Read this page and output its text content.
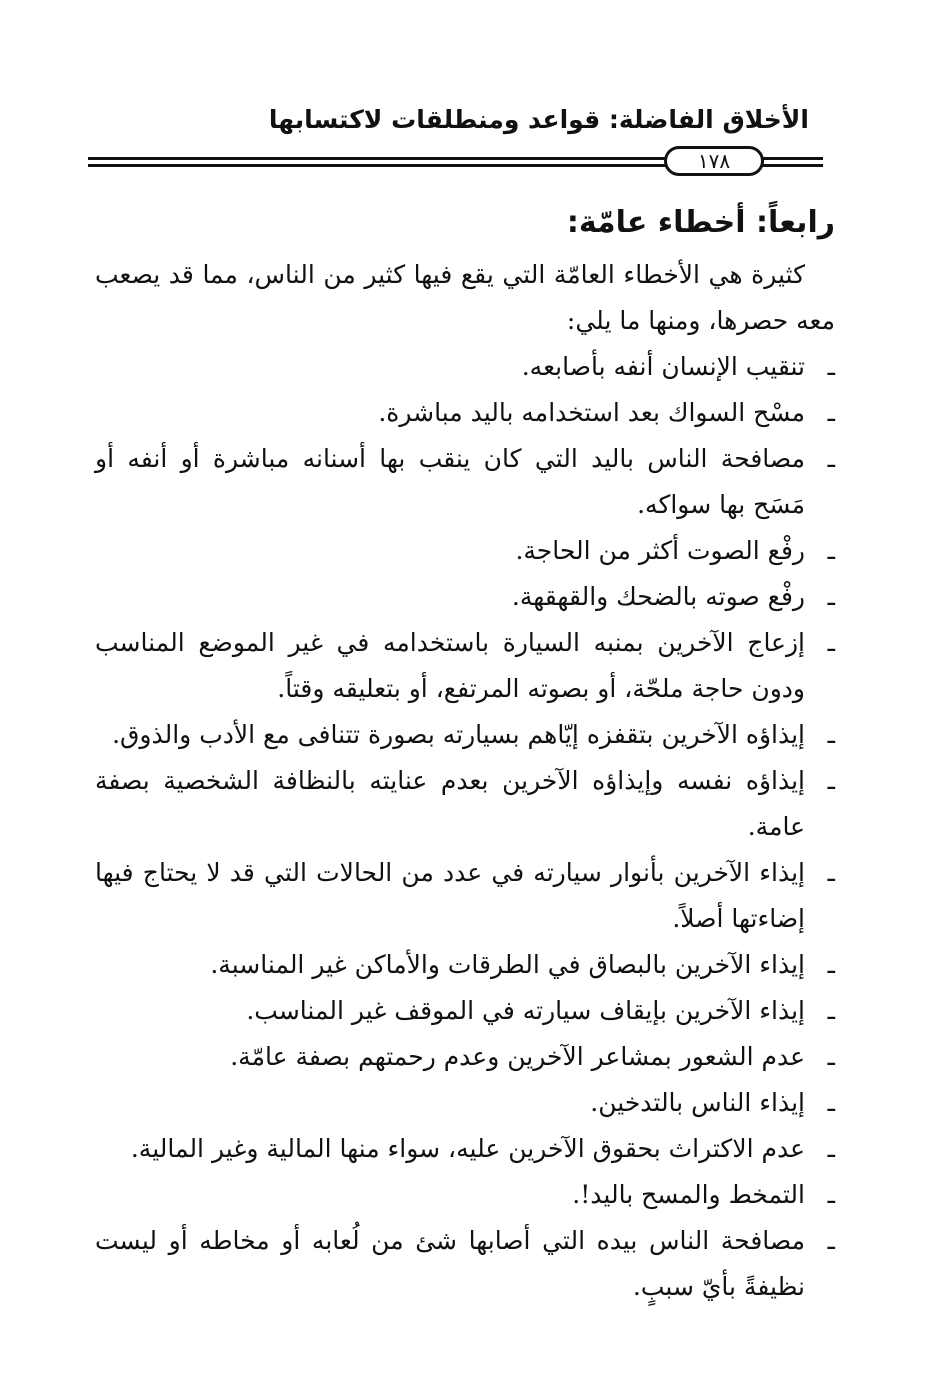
الأخلاق الفاضلة: قواعد ومنطلقات لاكتسابها
١٧٨
رابعاً: أخطاء عامّة:

كثيرة هي الأخطاء العامّة التي يقع فيها كثير من الناس، مما قد يصعب معه حصرها، ومنها ما يلي:

ـ
تنقيب الإنسان أنفه بأصابعه.
ـ
مسْح السواك بعد استخدامه باليد مباشرة.
ـ
مصافحة الناس باليد التي كان ينقب بها أسنانه مباشرة أو أنفه أو مَسَح بها سواكه.
ـ
رفْع الصوت أكثر من الحاجة.
ـ
رفْع صوته بالضحك والقهقهة.
ـ
إزعاج الآخرين بمنبه السيارة باستخدامه في غير الموضع المناسب ودون حاجة ملحّة، أو بصوته المرتفع، أو بتعليقه وقتاً.
ـ
إيذاؤه الآخرين بتقفزه إيّاهم بسيارته بصورة تتنافى مع الأدب والذوق.
ـ
إيذاؤه نفسه وإيذاؤه الآخرين بعدم عنايته بالنظافة الشخصية بصفة عامة.
ـ
إيذاء الآخرين بأنوار سيارته في عدد من الحالات التي قد لا يحتاج فيها إضاءتها أصلاً.
ـ
إيذاء الآخرين بالبصاق في الطرقات والأماكن غير المناسبة.
ـ
إيذاء الآخرين بإيقاف سيارته في الموقف غير المناسب.
ـ
عدم الشعور بمشاعر الآخرين وعدم رحمتهم بصفة عامّة.
ـ
إيذاء الناس بالتدخين.
ـ
عدم الاكتراث بحقوق الآخرين عليه، سواء منها المالية وغير المالية.
ـ
التمخط والمسح باليد!.
ـ
مصافحة الناس بيده التي أصابها شئ من لُعابه أو مخاطه أو ليست نظيفةً بأيّ سببٍ.
